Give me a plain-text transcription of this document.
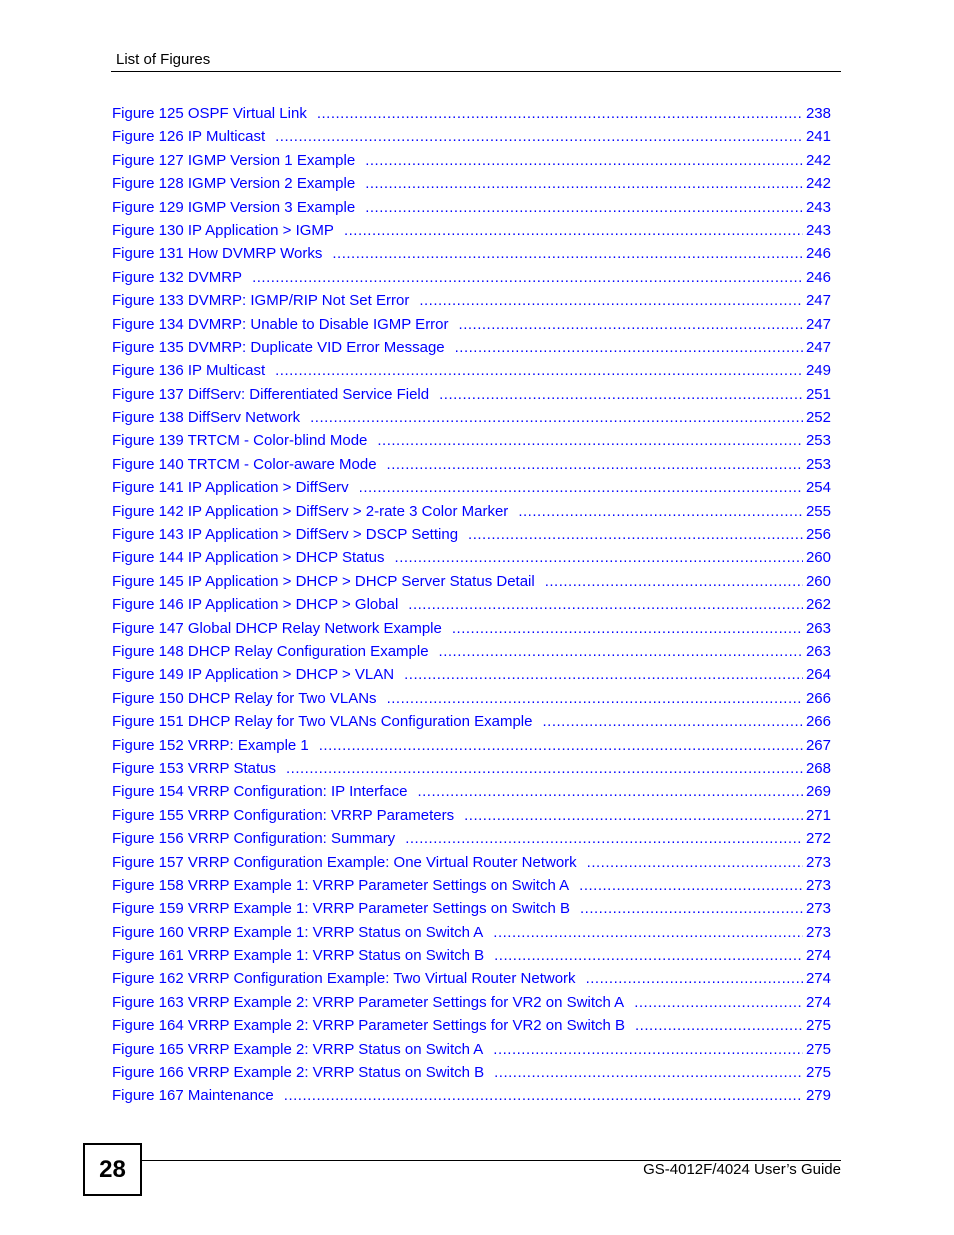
List of Figures
Figure 125 OSPF Virtual Link .....	238
Figure 126 IP Multicast .....	241
Figure 127 IGMP Version 1 Example .....	242
Figure 128 IGMP Version 2 Example .....	242
Figure 129 IGMP Version 3 Example .....	243
Figure 130 IP Application > IGMP .....	243
Figure 131 How DVMRP Works .....	246
Figure 132 DVMRP .....	246
Figure 133 DVMRP: IGMP/RIP Not Set Error .....	247
Figure 134 DVMRP: Unable to Disable IGMP Error .....	247
Figure 135 DVMRP: Duplicate VID Error Message .....	247
Figure 136 IP Multicast .....	249
Figure 137 DiffServ: Differentiated Service Field .....	251
Figure 138 DiffServ Network .....	252
Figure 139 TRTCM - Color-blind Mode .....	253
Figure 140 TRTCM - Color-aware Mode .....	253
Figure 141 IP Application > DiffServ .....	254
Figure 142 IP Application > DiffServ > 2-rate 3 Color Marker .....	255
Figure 143 IP Application > DiffServ > DSCP Setting .....	256
Figure 144 IP Application > DHCP Status .....	260
Figure 145 IP Application > DHCP > DHCP Server Status Detail .....	260
Figure 146 IP Application > DHCP > Global .....	262
Figure 147 Global DHCP Relay Network Example .....	263
Figure 148 DHCP Relay Configuration Example .....	263
Figure 149 IP Application > DHCP > VLAN .....	264
Figure 150 DHCP Relay for Two VLANs .....	266
Figure 151 DHCP Relay for Two VLANs Configuration Example .....	266
Figure 152 VRRP: Example 1 .....	267
Figure 153 VRRP Status .....	268
Figure 154 VRRP Configuration: IP Interface .....	269
Figure 155 VRRP Configuration: VRRP Parameters .....	271
Figure 156 VRRP Configuration: Summary .....	272
Figure 157 VRRP Configuration Example: One Virtual Router Network .....	273
Figure 158 VRRP Example 1: VRRP Parameter Settings on Switch A .....	273
Figure 159 VRRP Example 1: VRRP Parameter Settings on Switch B .....	273
Figure 160 VRRP Example 1: VRRP Status on Switch A .....	273
Figure 161 VRRP Example 1: VRRP Status on Switch B .....	274
Figure 162 VRRP Configuration Example: Two Virtual Router Network .....	274
Figure 163 VRRP Example 2: VRRP Parameter Settings for VR2 on Switch A .....	274
Figure 164 VRRP Example 2: VRRP Parameter Settings for VR2 on Switch B .....	275
Figure 165 VRRP Example 2: VRRP Status on Switch A .....	275
Figure 166 VRRP Example 2: VRRP Status on Switch B .....	275
Figure 167 Maintenance .....	279
28	GS-4012F/4024 User’s Guide
